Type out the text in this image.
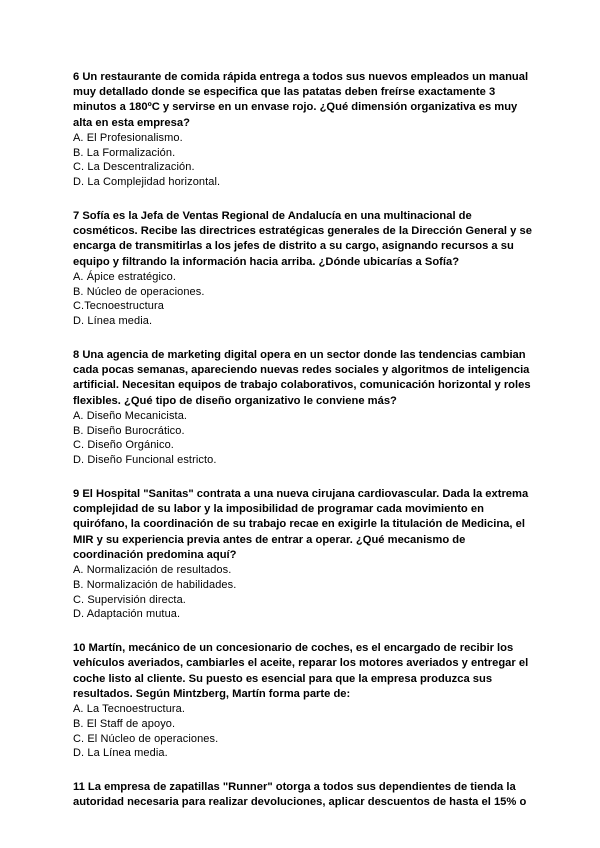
6 Un restaurante de comida rápida entrega a todos sus nuevos empleados un manual muy detallado donde se especifica que las patatas deben freírse exactamente 3 minutos a 180ºC y servirse en un envase rojo. ¿Qué dimensión organizativa es muy alta en esta empresa?

A. El Profesionalismo.
B. La Formalización.
C. La Descentralización.
D. La Complejidad horizontal.

7 Sofía es la Jefa de Ventas Regional de Andalucía en una multinacional de cosméticos. Recibe las directrices estratégicas generales de la Dirección General y se encarga de transmitirlas a los jefes de distrito a su cargo, asignando recursos a su equipo y filtrando la información hacia arriba. ¿Dónde ubicarías a Sofía?

A. Ápice estratégico.
B. Núcleo de operaciones.
C.Tecnoestructura
D. Línea media.

8 Una agencia de marketing digital opera en un sector donde las tendencias cambian cada pocas semanas, apareciendo nuevas redes sociales y algoritmos de inteligencia artificial. Necesitan equipos de trabajo colaborativos, comunicación horizontal y roles flexibles. ¿Qué tipo de diseño organizativo le conviene más?

A. Diseño Mecanicista.
B. Diseño Burocrático.
C. Diseño Orgánico.
D. Diseño Funcional estricto.

9 El Hospital "Sanitas" contrata a una nueva cirujana cardiovascular. Dada la extrema complejidad de su labor y la imposibilidad de programar cada movimiento en quirófano, la coordinación de su trabajo recae en exigirle la titulación de Medicina, el MIR y su experiencia previa antes de entrar a operar. ¿Qué mecanismo de coordinación predomina aquí?

A. Normalización de resultados.
B. Normalización de habilidades.
C. Supervisión directa.
D. Adaptación mutua.

10 Martín, mecánico de un concesionario de coches, es el encargado de recibir los vehículos averiados, cambiarles el aceite, reparar los motores averiados y entregar el coche listo al cliente. Su puesto es esencial para que la empresa produzca sus resultados. Según Mintzberg, Martín forma parte de:

A. La Tecnoestructura.
B. El Staff de apoyo.
C. El Núcleo de operaciones.
D. La Línea media.

11 La empresa de zapatillas "Runner" otorga a todos sus dependientes de tienda la autoridad necesaria para realizar devoluciones, aplicar descuentos de hasta el 15% o
